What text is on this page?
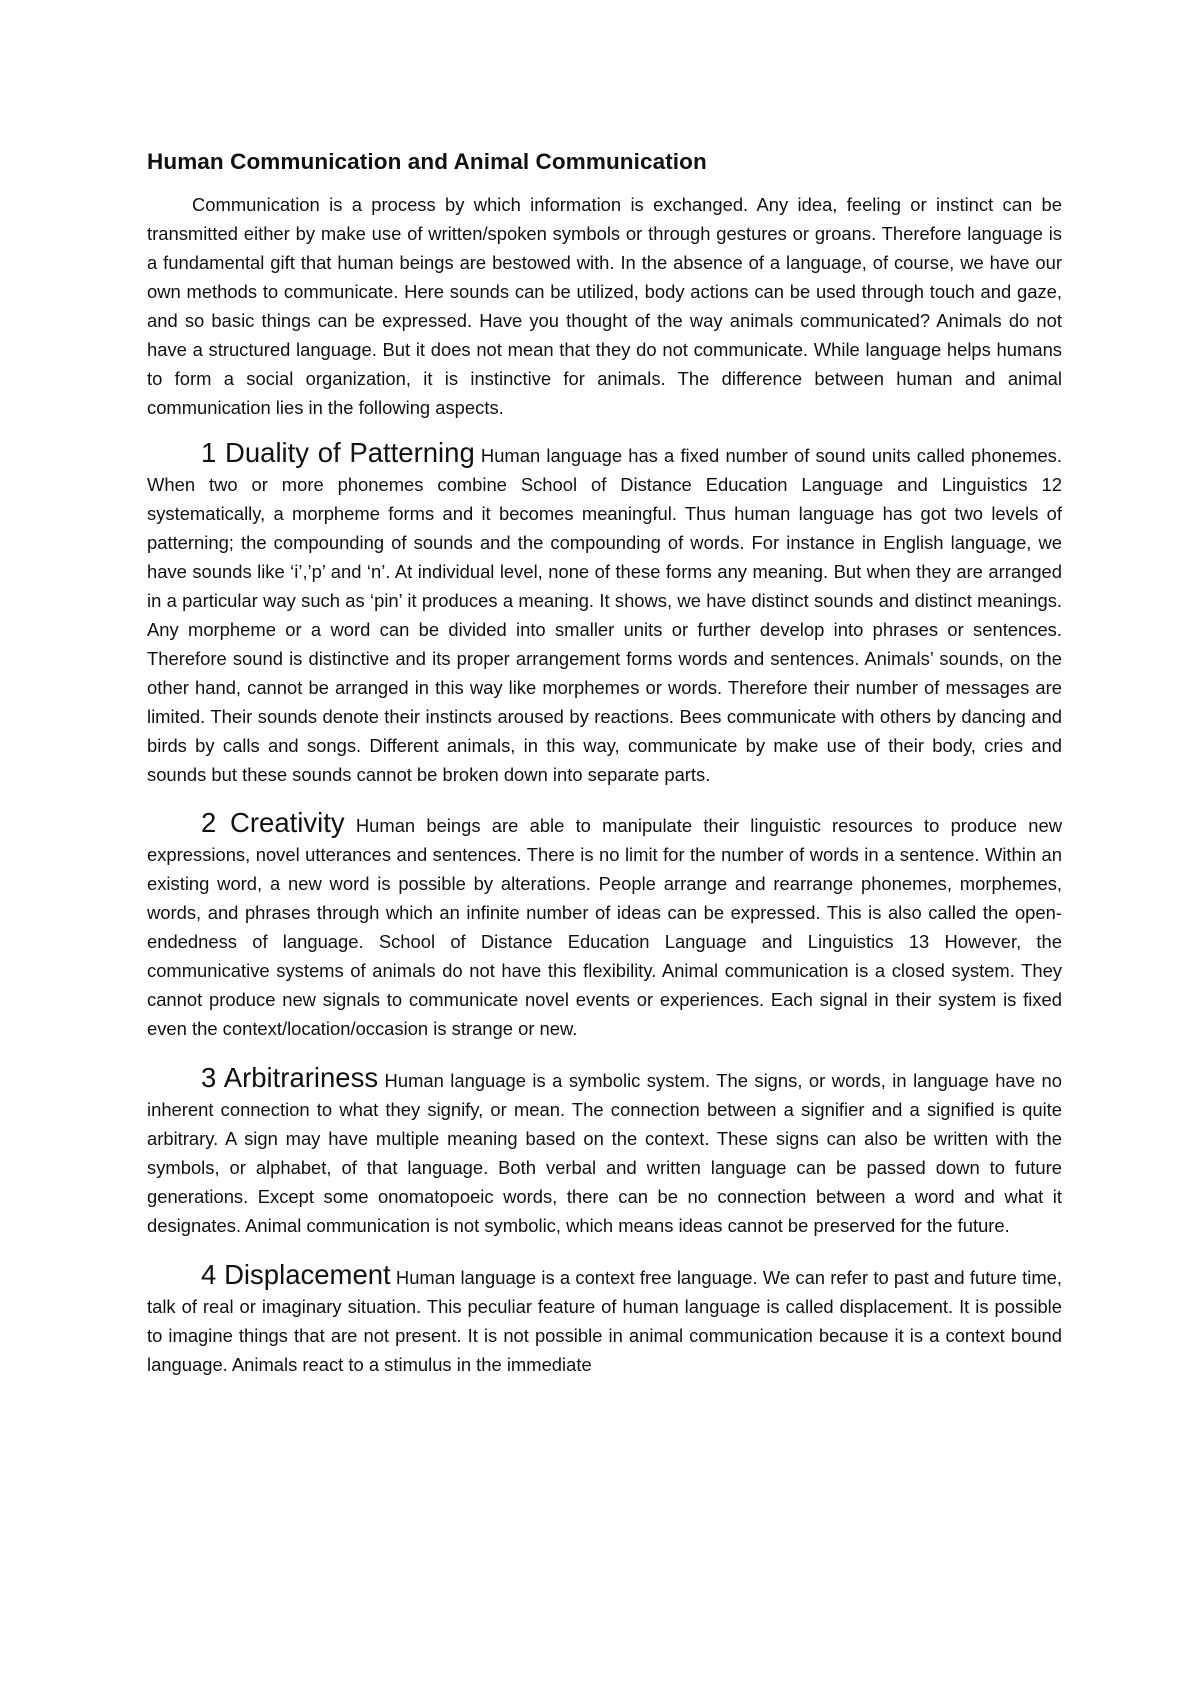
Human Communication and Animal Communication

Communication is a process by which information is exchanged. Any idea, feeling or instinct can be transmitted either by make use of written/spoken symbols or through gestures or groans. Therefore language is a fundamental gift that human beings are bestowed with. In the absence of a language, of course, we have our own methods to communicate. Here sounds can be utilized, body actions can be used through touch and gaze, and so basic things can be expressed. Have you thought of the way animals communicated? Animals do not have a structured language. But it does not mean that they do not communicate. While language helps humans to form a social organization, it is instinctive for animals. The difference between human and animal communication lies in the following aspects.

1 Duality of Patterning Human language has a fixed number of sound units called phonemes. When two or more phonemes combine School of Distance Education Language and Linguistics 12 systematically, a morpheme forms and it becomes meaningful. Thus human language has got two levels of patterning; the compounding of sounds and the compounding of words. For instance in English language, we have sounds like ‘i’,’p’ and ‘n’. At individual level, none of these forms any meaning. But when they are arranged in a particular way such as ‘pin’ it produces a meaning. It shows, we have distinct sounds and distinct meanings. Any morpheme or a word can be divided into smaller units or further develop into phrases or sentences. Therefore sound is distinctive and its proper arrangement forms words and sentences. Animals’ sounds, on the other hand, cannot be arranged in this way like morphemes or words. Therefore their number of messages are limited. Their sounds denote their instincts aroused by reactions. Bees communicate with others by dancing and birds by calls and songs. Different animals, in this way, communicate by make use of their body, cries and sounds but these sounds cannot be broken down into separate parts.

2 Creativity Human beings are able to manipulate their linguistic resources to produce new expressions, novel utterances and sentences. There is no limit for the number of words in a sentence. Within an existing word, a new word is possible by alterations. People arrange and rearrange phonemes, morphemes, words, and phrases through which an infinite number of ideas can be expressed. This is also called the open-endedness of language. School of Distance Education Language and Linguistics 13 However, the communicative systems of animals do not have this flexibility. Animal communication is a closed system. They cannot produce new signals to communicate novel events or experiences. Each signal in their system is fixed even the context/location/occasion is strange or new.

3 Arbitrariness Human language is a symbolic system. The signs, or words, in language have no inherent connection to what they signify, or mean. The connection between a signifier and a signified is quite arbitrary. A sign may have multiple meaning based on the context. These signs can also be written with the symbols, or alphabet, of that language. Both verbal and written language can be passed down to future generations. Except some onomatopoeic words, there can be no connection between a word and what it designates. Animal communication is not symbolic, which means ideas cannot be preserved for the future.

4 Displacement Human language is a context free language. We can refer to past and future time, talk of real or imaginary situation. This peculiar feature of human language is called displacement. It is possible to imagine things that are not present. It is not possible in animal communication because it is a context bound language. Animals react to a stimulus in the immediate
